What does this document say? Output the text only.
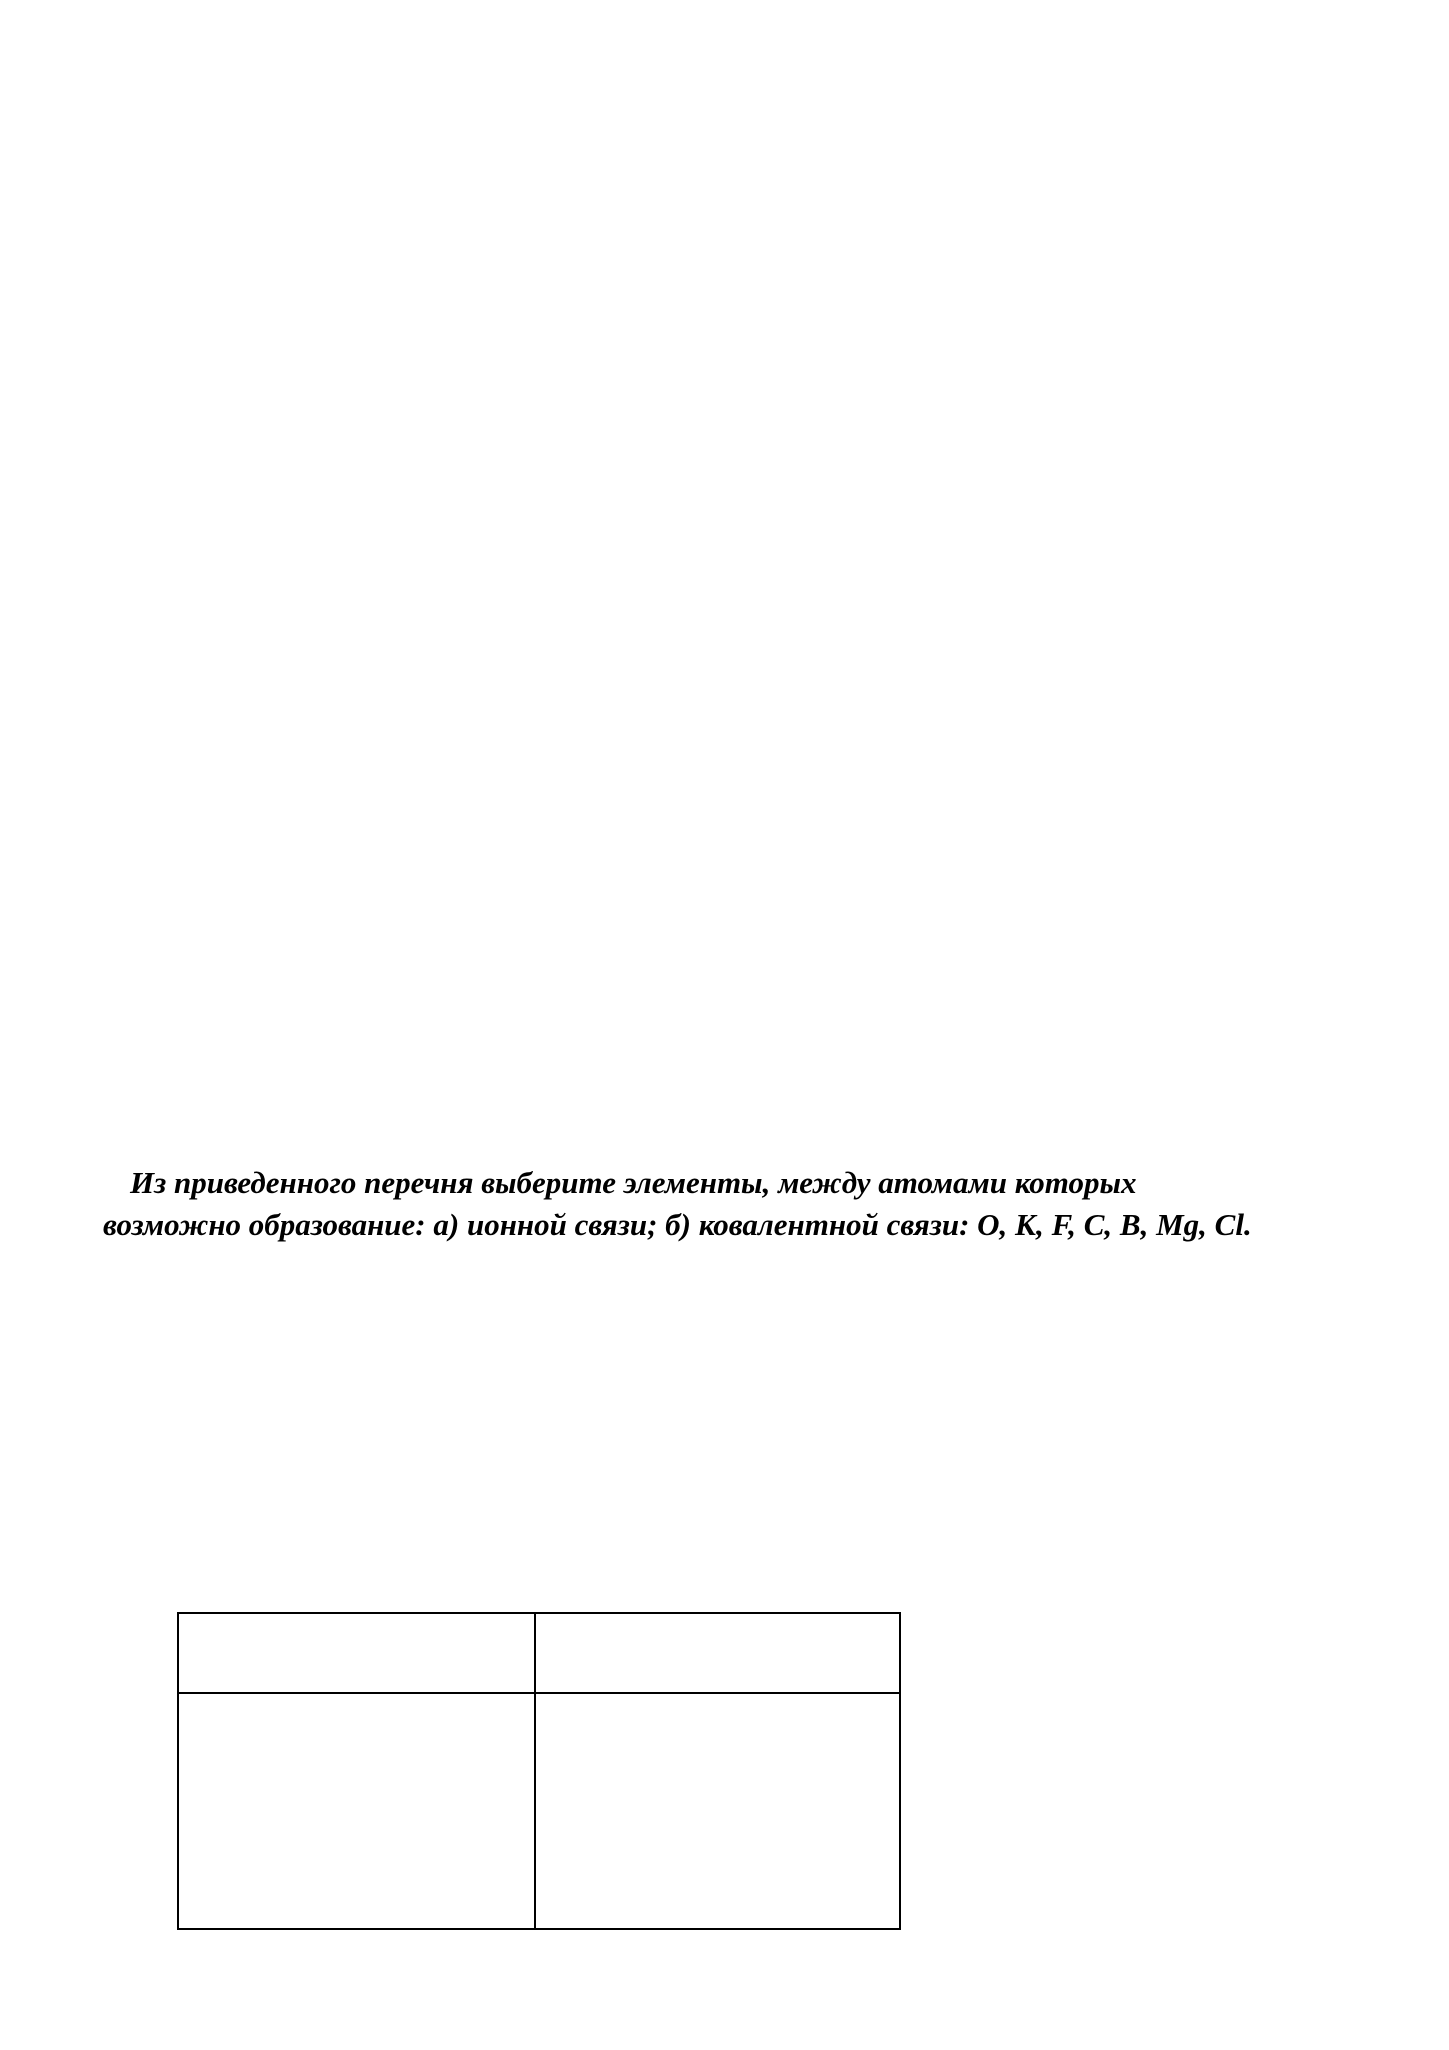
Из приведенного перечня выберите элементы, между атомами которых
возможно образование: а) ионной связи; б) ковалентной связи: O, К, F, С, В, Mg, Cl.
